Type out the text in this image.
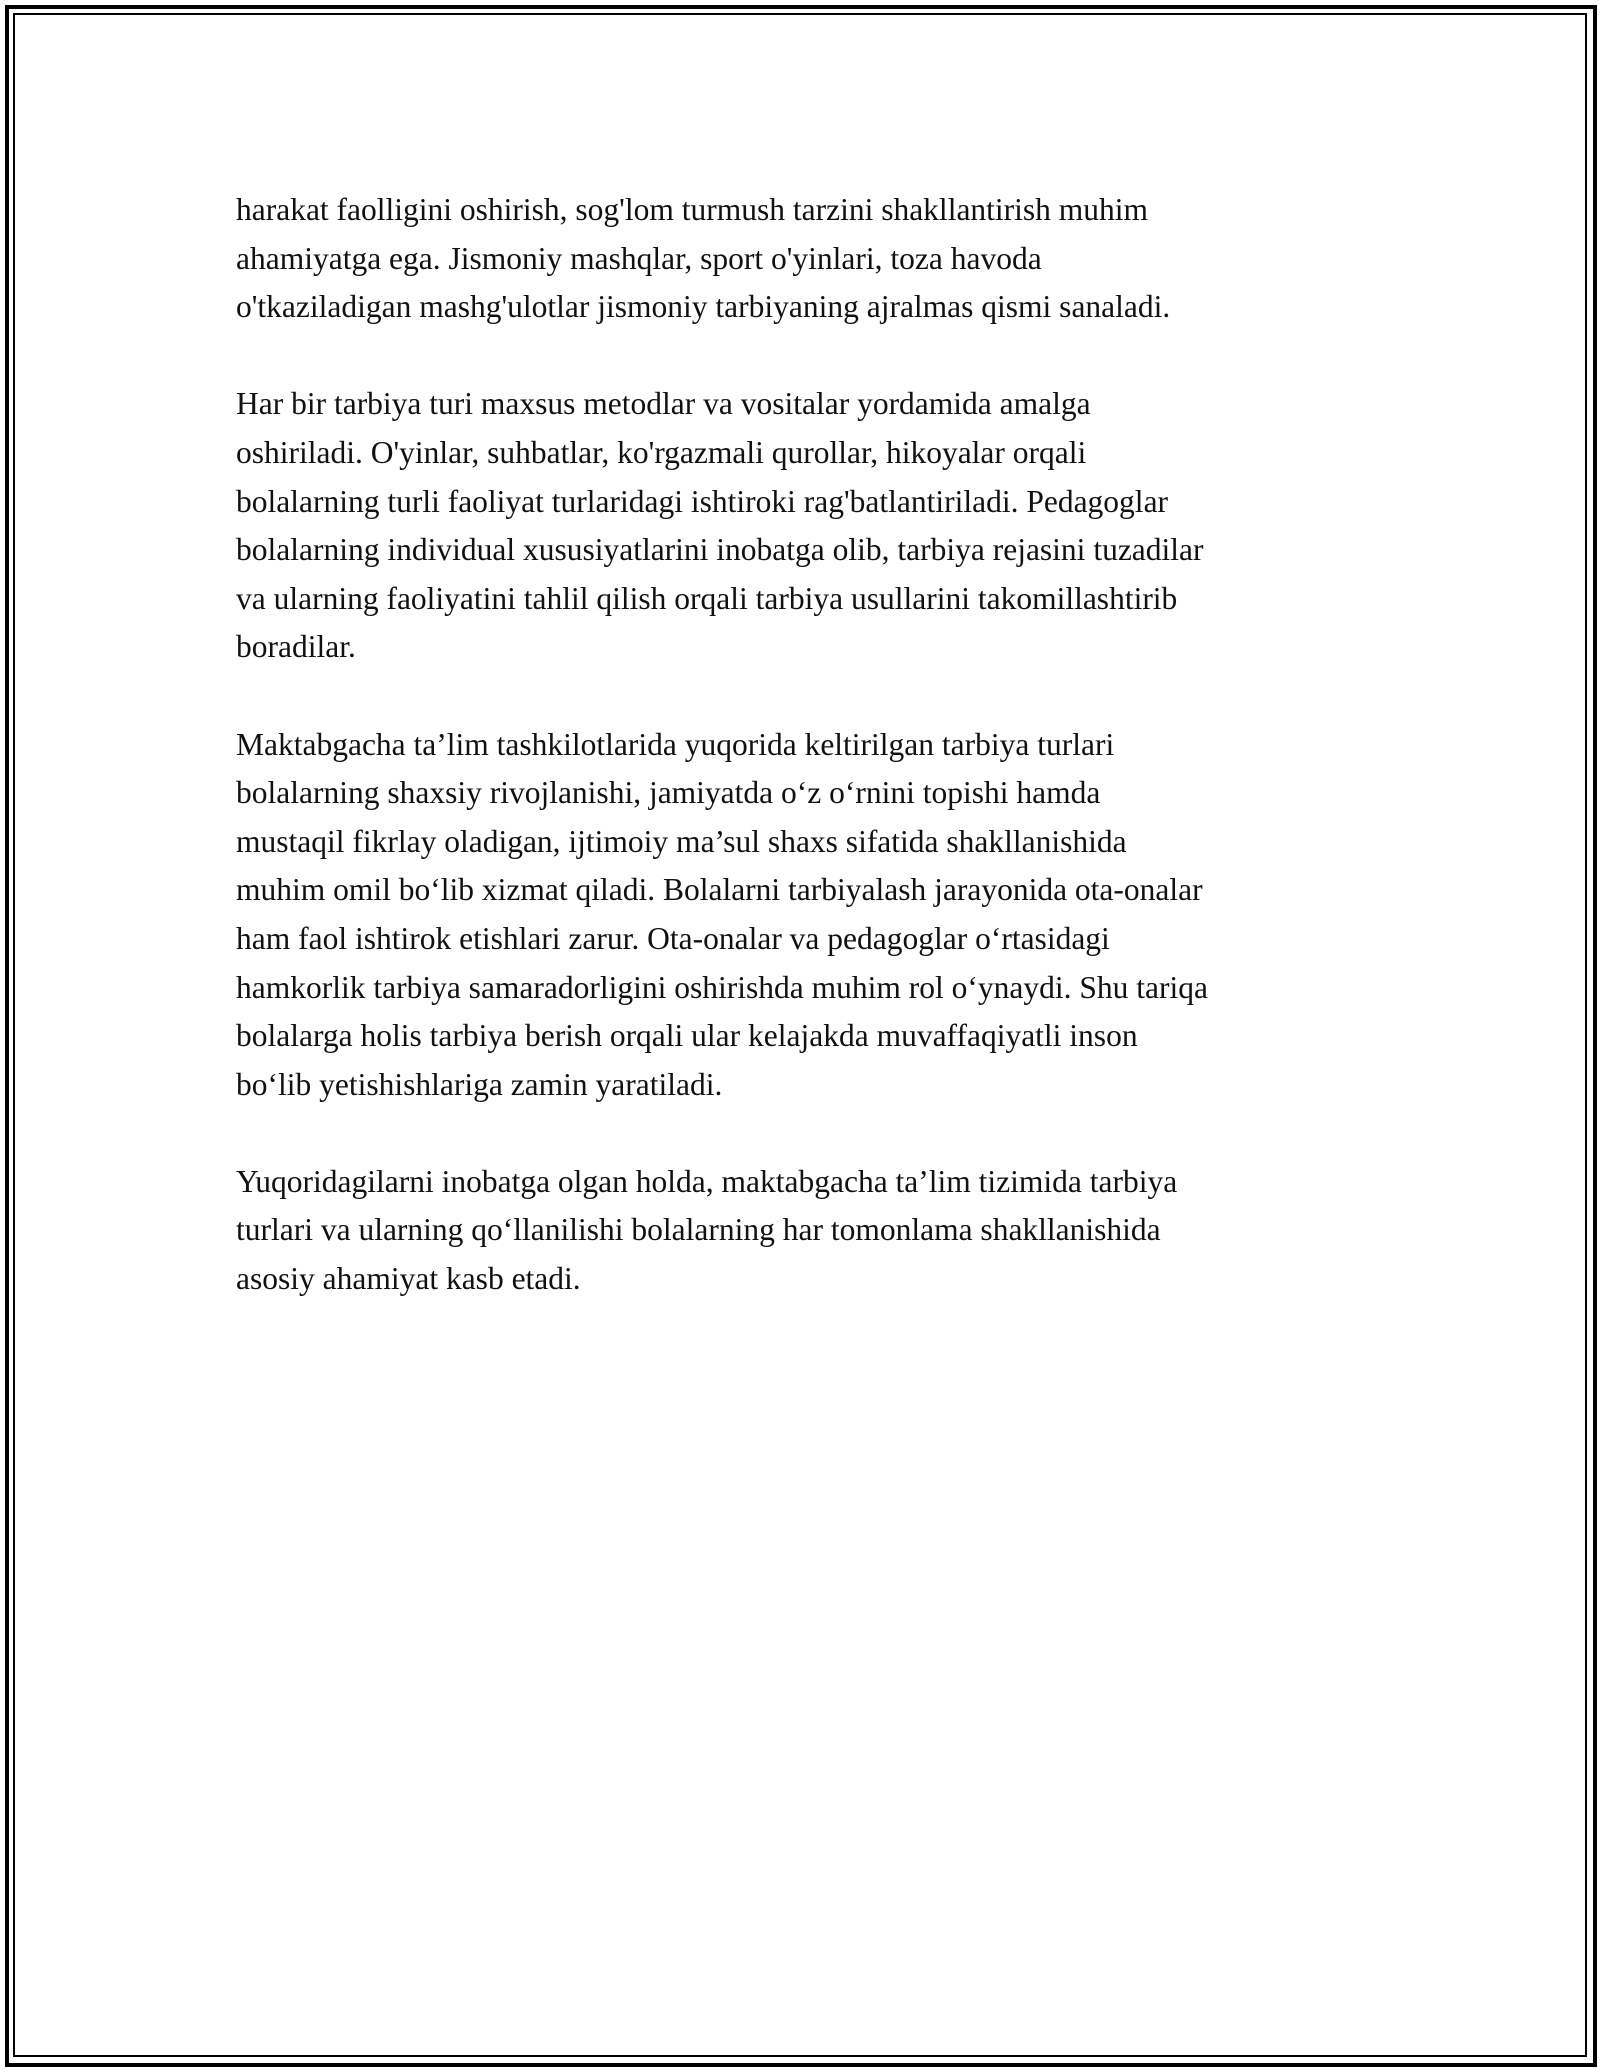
harakat faolligini oshirish, sog'lom turmush tarzini shakllantirish muhim
ahamiyatga ega. Jismoniy mashqlar, sport o'yinlari, toza havoda
o'tkaziladigan mashg'ulotlar jismoniy tarbiyaning ajralmas qismi sanaladi.

Har bir tarbiya turi maxsus metodlar va vositalar yordamida amalga
oshiriladi. O'yinlar, suhbatlar, ko'rgazmali qurollar, hikoyalar orqali
bolalarning turli faoliyat turlaridagi ishtiroki rag'batlantiriladi. Pedagoglar
bolalarning individual xususiyatlarini inobatga olib, tarbiya rejasini tuzadilar
va ularning faoliyatini tahlil qilish orqali tarbiya usullarini takomillashtirib
boradilar.

Maktabgacha ta’lim tashkilotlarida yuqorida keltirilgan tarbiya turlari
bolalarning shaxsiy rivojlanishi, jamiyatda o‘z o‘rnini topishi hamda
mustaqil fikrlay oladigan, ijtimoiy ma’sul shaxs sifatida shakllanishida
muhim omil bo‘lib xizmat qiladi. Bolalarni tarbiyalash jarayonida ota-onalar
ham faol ishtirok etishlari zarur. Ota-onalar va pedagoglar o‘rtasidagi
hamkorlik tarbiya samaradorligini oshirishda muhim rol o‘ynaydi. Shu tariqa
bolalarga holis tarbiya berish orqali ular kelajakda muvaffaqiyatli inson
bo‘lib yetishishlariga zamin yaratiladi.

Yuqoridagilarni inobatga olgan holda, maktabgacha ta’lim tizimida tarbiya
turlari va ularning qo‘llanilishi bolalarning har tomonlama shakllanishida
asosiy ahamiyat kasb etadi.
